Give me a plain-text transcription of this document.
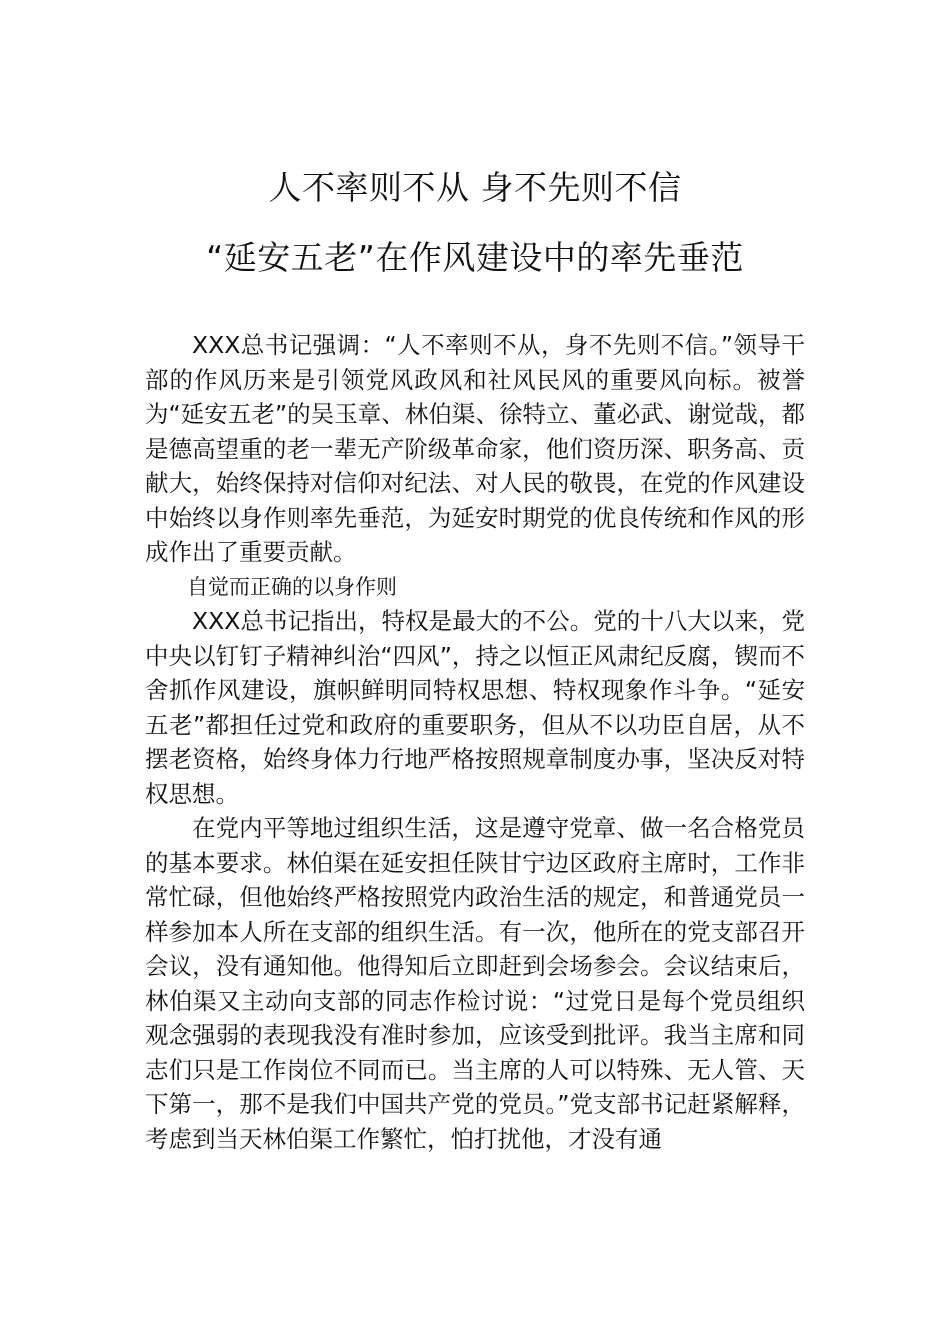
人不率则不从 身不先则不信
“延安五老”在作风建设中的率先垂范

XXX总书记强调：“人不率则不从，身不先则不信。”领导干部的作风历来是引领党风政风和社风民风的重要风向标。被誉为“延安五老”的吴玉章、林伯渠、徐特立、董必武、谢觉哉，都是德高望重的老一辈无产阶级革命家，他们资历深、职务高、贡献大，始终保持对信仰对纪法、对人民的敬畏，在党的作风建设中始终以身作则率先垂范，为延安时期党的优良传统和作风的形成作出了重要贡献。

自觉而正确的以身作则

XXX总书记指出，特权是最大的不公。党的十八大以来，党中央以钉钉子精神纠治“四风”，持之以恒正风肃纪反腐，锲而不舍抓作风建设，旗帜鲜明同特权思想、特权现象作斗争。“延安五老”都担任过党和政府的重要职务，但从不以功臣自居，从不摆老资格，始终身体力行地严格按照规章制度办事，坚决反对特权思想。

在党内平等地过组织生活，这是遵守党章、做一名合格党员的基本要求。林伯渠在延安担任陕甘宁边区政府主席时，工作非常忙碌，但他始终严格按照党内政治生活的规定，和普通党员一样参加本人所在支部的组织生活。有一次，他所在的党支部召开会议，没有通知他。他得知后立即赶到会场参会。会议结束后，林伯渠又主动向支部的同志作检讨说：“过党日是每个党员组织观念强弱的表现我没有准时参加，应该受到批评。我当主席和同志们只是工作岗位不同而已。当主席的人可以特殊、无人管、天下第一，那不是我们中国共产党的党员。”党支部书记赶紧解释，考虑到当天林伯渠工作繁忙，怕打扰他，才没有通
